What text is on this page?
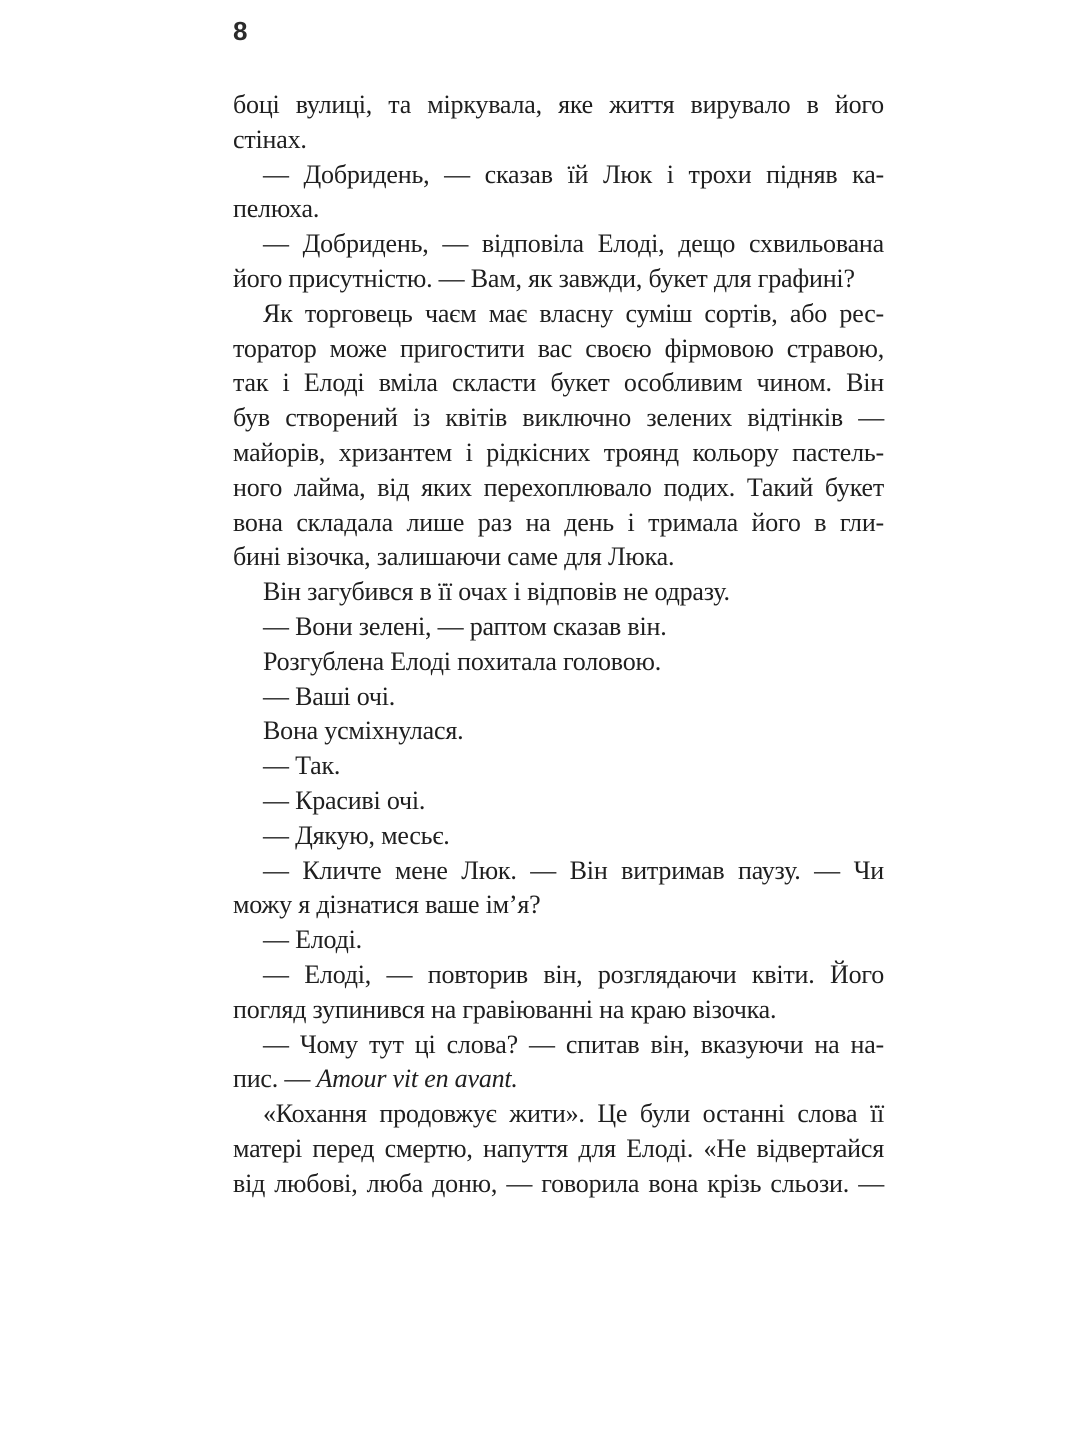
8
боці вулиці, та міркувала, яке життя вирувало в його
стінах.
— Добридень, — сказав їй Люк і трохи підняв ка-
пелюха.
— Добридень, — відповіла Елоді, дещо схвильована
його присутністю. — Вам, як завжди, букет для графині?
Як торговець чаєм має власну суміш сортів, або рес-
торатор може пригостити вас своєю фірмовою стравою,
так і Елоді вміла скласти букет особливим чином. Він
був створений із квітів виключно зелених відтінків —
майорів, хризантем і рідкісних троянд кольору пастель-
ного лайма, від яких перехоплювало подих. Такий букет
вона складала лише раз на день і тримала його в гли-
бині візочка, залишаючи саме для Люка.
Він загубився в її очах і відповів не одразу.
— Вони зелені, — раптом сказав він.
Розгублена Елоді похитала головою.
— Ваші очі.
Вона усміхнулася.
— Так.
— Красиві очі.
— Дякую, месьє.
— Кличте мене Люк. — Він витримав паузу. — Чи
можу я дізнатися ваше ім’я?
— Елоді.
— Елоді, — повторив він, розглядаючи квіти. Його
погляд зупинився на гравіюванні на краю візочка.
— Чому тут ці слова? — спитав він, вказуючи на на-
пис. — Amour vit en avant.
«Кохання продовжує жити». Це були останні слова її
матері перед смертю, напуття для Елоді. «Не відвертайся
від любові, люба доню, — говорила вона крізь сльози. —
